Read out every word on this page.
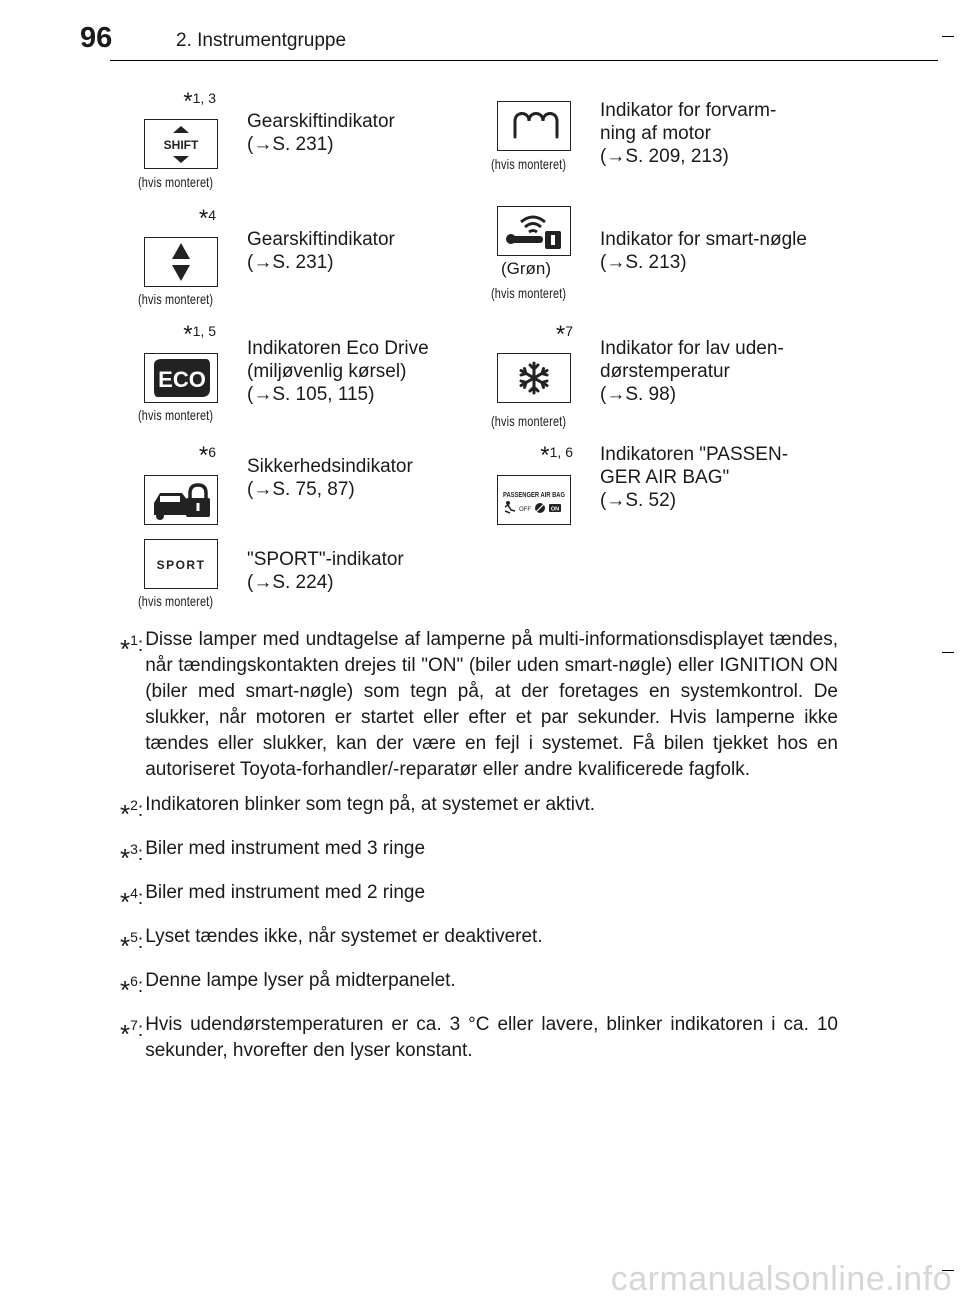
96	2. Instrumentgruppe
*1, 3
SHIFT
(hvis monteret)
Gearskiftindikator
(→S. 231)
(hvis monteret)
Indikator for forvarm-
ning af motor
(→S. 209, 213)
*4
(hvis monteret)
Gearskiftindikator
(→S. 231)	(Grøn)
(hvis monteret)
Indikator for smart-nøgle
(→S. 213)
*1, 5
ECO
(hvis monteret)
Indikatoren Eco Drive
(miljøvenlig kørsel)
(→S. 105, 115)
*7
(hvis monteret)
Indikator for lav uden-
dørstemperatur
(→S. 98)
*6
Sikkerhedsindikator
(→S. 75, 87)
*1, 6
PASSENGER AIR BAG
OFF	ON
Indikatoren "PASSEN-
GER AIR BAG"
(→S. 52)
SPORT
(hvis monteret)
"SPORT"-indikator
(→S. 224)
*$^1$: Disse lamper med undtagelse af lamperne på multi-informationsdisplayet tændes, når tændingskontakten drejes til "ON" (biler uden smart-nøgle) eller IGNITION ON (biler med smart-nøgle) som tegn på, at der foretages en systemkontrol. De slukker, når motoren er startet eller efter et par sekunder. Hvis lamperne ikke tændes eller slukker, kan der være en fejl i systemet. Få bilen tjekket hos en autoriseret Toyota-forhandler/-reparatør eller andre kvalificerede fagfolk.
*$^2$: Indikatoren blinker som tegn på, at systemet er aktivt.
*$^3$: Biler med instrument med 3 ringe
*$^4$: Biler med instrument med 2 ringe
*$^5$: Lyset tændes ikke, når systemet er deaktiveret.
*$^6$: Denne lampe lyser på midterpanelet.
*$^7$: Hvis udendørstemperaturen er ca. 3 °C eller lavere, blinker indikatoren i ca. 10 sekunder, hvorefter den lyser konstant.
carmanualsonline.info
